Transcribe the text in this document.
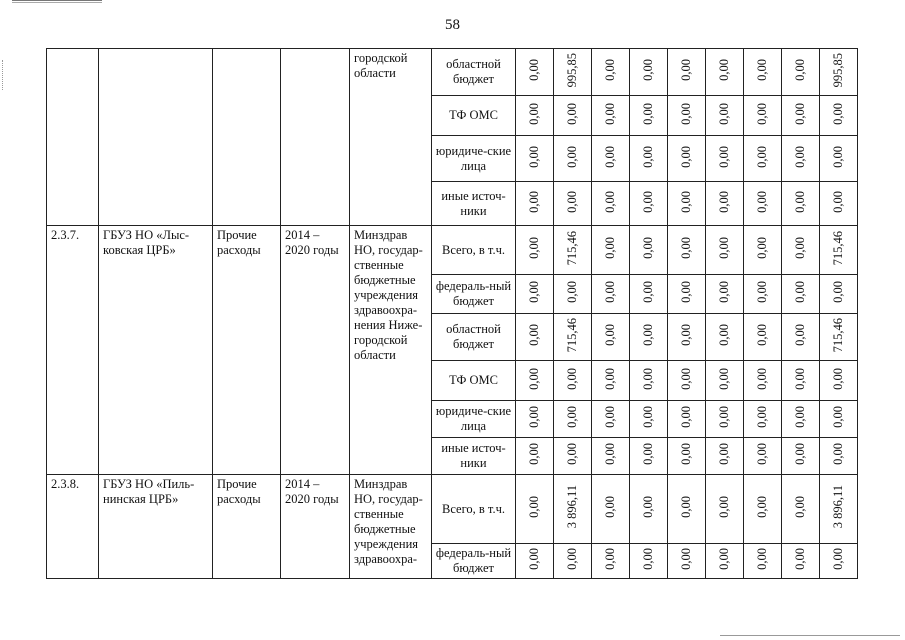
58
				городской области	областной бюджет	0,00	995,85	0,00	0,00	0,00	0,00	0,00	0,00	995,85
					ТФ ОМС	0,00	0,00	0,00	0,00	0,00	0,00	0,00	0,00	0,00
					юридиче-ские лица	0,00	0,00	0,00	0,00	0,00	0,00	0,00	0,00	0,00
					иные источ-ники	0,00	0,00	0,00	0,00	0,00	0,00	0,00	0,00	0,00
2.3.7.	ГБУЗ НО «Лыс-ковская ЦРБ»	Прочие расходы	2014 – 2020 годы	Минздрав НО, государ-ственные бюджетные учреждения здравоохра-нения Ниже-городской области	Всего, в т.ч.	0,00	715,46	0,00	0,00	0,00	0,00	0,00	0,00	715,46
					федераль-ный бюджет	0,00	0,00	0,00	0,00	0,00	0,00	0,00	0,00	0,00
					областной бюджет	0,00	715,46	0,00	0,00	0,00	0,00	0,00	0,00	715,46
					ТФ ОМС	0,00	0,00	0,00	0,00	0,00	0,00	0,00	0,00	0,00
					юридиче-ские лица	0,00	0,00	0,00	0,00	0,00	0,00	0,00	0,00	0,00
					иные источ-ники	0,00	0,00	0,00	0,00	0,00	0,00	0,00	0,00	0,00
2.3.8.	ГБУЗ НО «Пиль-нинская ЦРБ»	Прочие расходы	2014 – 2020 годы	Минздрав НО, государ-ственные бюджетные учреждения здравоохра-	Всего, в т.ч.	0,00	3 896,11	0,00	0,00	0,00	0,00	0,00	0,00	3 896,11
					федераль-ный бюджет	0,00	0,00	0,00	0,00	0,00	0,00	0,00	0,00	0,00
